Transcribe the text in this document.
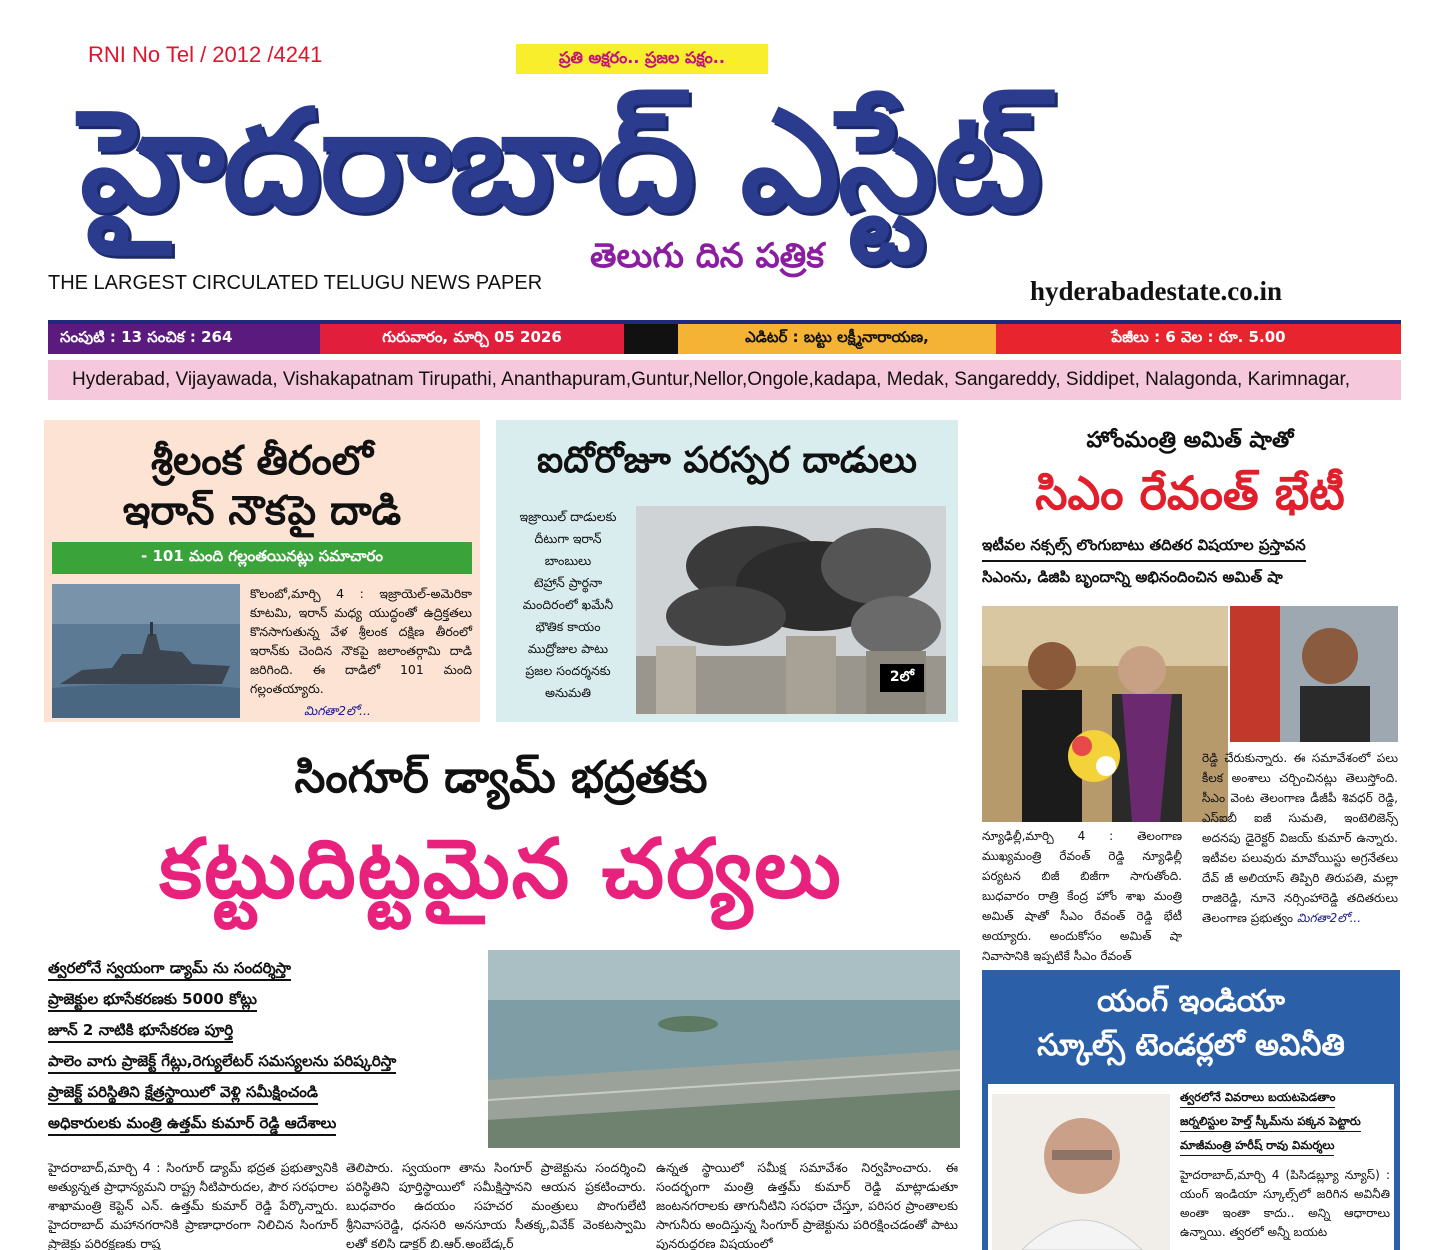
RNI No Tel / 2012 /4241	ప్రతి అక్షరం.. ప్రజల పక్షం..
హైదరాబాద్ ఎస్టేట్
తెలుగు దిన పత్రిక
THE LARGEST CIRCULATED TELUGU NEWS PAPER	hyderabadestate.co.in
సంపుటి : 13 సంచిక : 264	గురువారం, మార్చి 05 2026	ఎడిటర్ : బట్టు లక్ష్మీనారాయణ,	పేజీలు : 6 వెల : రూ. 5.00
Hyderabad, Vijayawada, Vishakapatnam Tirupathi, Ananthapuram,Guntur,Nellor,Ongole,kadapa, Medak, Sangareddy, Siddipet, Nalagonda, Karimnagar,
శ్రీలంక తీరంలో
ఇరాన్ నౌకపై దాడి
- 101 మంది గల్లంతయినట్లు సమాచారం
కొలంబో,మార్చి 4 : ఇజ్రాయెల్-అమెరికా కూటమి, ఇరాన్ మధ్య యుద్ధంతో ఉద్రిక్తతలు కొనసాగుతున్న వేళ శ్రీలంక దక్షిణ తీరంలో ఇరాన్‌కు చెందిన నౌకపై జలాంతర్గామి దాడి జరిగింది. ఈ దాడిలో 101 మంది గల్లంతయ్యారు.
మిగతా2లో...
ఐదోరోజూ పరస్పర దాడులు
ఇజ్రాయిల్ దాడులకు
దీటుగా ఇరాన్
బాంబులు
టెహ్రాన్ ప్రార్థనా
మందిరంలో ఖమేనీ
భౌతిక కాయం
ముద్రోజుల పాటు
ప్రజల సందర్శనకు
అనుమతి
2లో
హోంమంత్రి అమిత్ షాతో
సిఎం రేవంత్ భేటీ
ఇటీవల నక్సల్స్ లొంగుబాటు తదితర విషయాల ప్రస్తావన
సిఎంను, డిజిపి బృందాన్ని అభినందించిన అమిత్ షా
న్యూఢిల్లీ,మార్చి 4 : తెలంగాణ ముఖ్యమంత్రి రేవంత్ రెడ్డి న్యూఢిల్లీ పర్యటన బిజీ బిజీగా సాగుతోంది. బుధవారం రాత్రి కేంద్ర హోం శాఖ మంత్రి అమిత్ షాతో సీఎం రేవంత్ రెడ్డి భేటీ అయ్యారు. అందుకోసం అమిత్ షా నివాసానికి ఇప్పటికే సీఎం రేవంత్
రెడ్డి చేరుకున్నారు. ఈ సమావేశంలో పలు కీలక అంశాలు చర్చించినట్లు తెలుస్తోంది. సీఎం వెంట తెలంగాణ డీజీపీ శివధర్ రెడ్డి, ఎస్ఐబీ ఐజీ సుమతి, ఇంటెలిజెన్స్ అదనపు డైరెక్టర్ విజయ్ కుమార్ ఉన్నారు. ఇటీవల పలువురు మావోయిస్టు అగ్రనేతలు దేవ్ జీ అలియాస్ తిప్పిరి తిరుపతి, మల్లా రాజిరెడ్డి, నూనె నర్సింహారెడ్డి తదితరులు తెలంగాణ ప్రభుత్వం మిగతా2లో...
యంగ్ ఇండియా
స్కూల్స్ టెండర్లలో అవినీతి
త్వరలోనే వివరాలు బయటపెడతాం
జర్నలిస్టుల హెల్త్ స్కీమ్‌ను పక్కన పెట్టారు
మాజీమంత్రి హరీష్ రావు విమర్శలు
హైదరాబాద్,మార్చి 4 (పిసిడబ్ల్యూ న్యూస్) : యంగ్ ఇండియా స్కూల్స్‌లో జరిగిన అవినీతి అంతా ఇంతా కాదు.. అన్ని ఆధారాలు ఉన్నాయి. త్వరలో అన్నీ బయట
సింగూర్ డ్యామ్ భద్రతకు
కట్టుదిట్టమైన చర్యలు
త్వరలోనే స్వయంగా డ్యామ్ ను సందర్శిస్తా
ప్రాజెక్టుల భూసేకరణకు 5000 కోట్లు
జూన్ 2 నాటికి భూసేకరణ పూర్తి
పాలెం వాగు ప్రాజెక్ట్ గేట్లు,రెగ్యులేటర్ సమస్యలను పరిష్కరిస్తా
ప్రాజెక్ట్ పరిస్థితిని క్షేత్రస్థాయిలో వెళ్లి సమీక్షించండి
అధికారులకు మంత్రి ఉత్తమ్ కుమార్ రెడ్డి ఆదేశాలు
హైదరాబాద్,మార్చి 4 : సింగూర్ డ్యామ్ భద్రత ప్రభుత్వానికి అత్యున్నత ప్రాధాన్యమని రాష్ట్ర నీటిపారుదల, పౌర సరఫరాల శాఖామంత్రి కెప్టెన్ ఎన్. ఉత్తమ్ కుమార్ రెడ్డి పేర్కొన్నారు. హైదరాబాద్ మహానగరానికి ప్రాణాధారంగా నిలిచిన సింగూర్ ప్రాజెక్టు పరిరక్షణకు రాష్ట
తెలిపారు. స్వయంగా తాను సింగూర్ ప్రాజెక్టును సందర్శించి పరిస్థితిని పూర్తిస్థాయిలో సమీక్షిస్తానని ఆయన ప్రకటించారు. బుధవారం ఉదయం సహచర మంత్రులు పొంగులేటి శ్రీనివాసరెడ్డి, ధనసరి అనసూయ సీతక్క,వివేక్ వెంకటస్వామి లతో కలిసి డాక్టర్ బి.ఆర్.అంబేడ్కర్
ఉన్నత స్థాయిలో సమీక్ష సమావేశం నిర్వహించారు. ఈ సందర్భంగా మంత్రి ఉత్తమ్ కుమార్ రెడ్డి మాట్లాడుతూ జంటనగరాలకు తాగునీటిని సరఫరా చేస్తూ, పరిసర ప్రాంతాలకు సాగునీరు అందిస్తున్న సింగూర్ ప్రాజెక్టును పరిరక్షించడంతో పాటు పునరుద్ధరణ విషయంలో
